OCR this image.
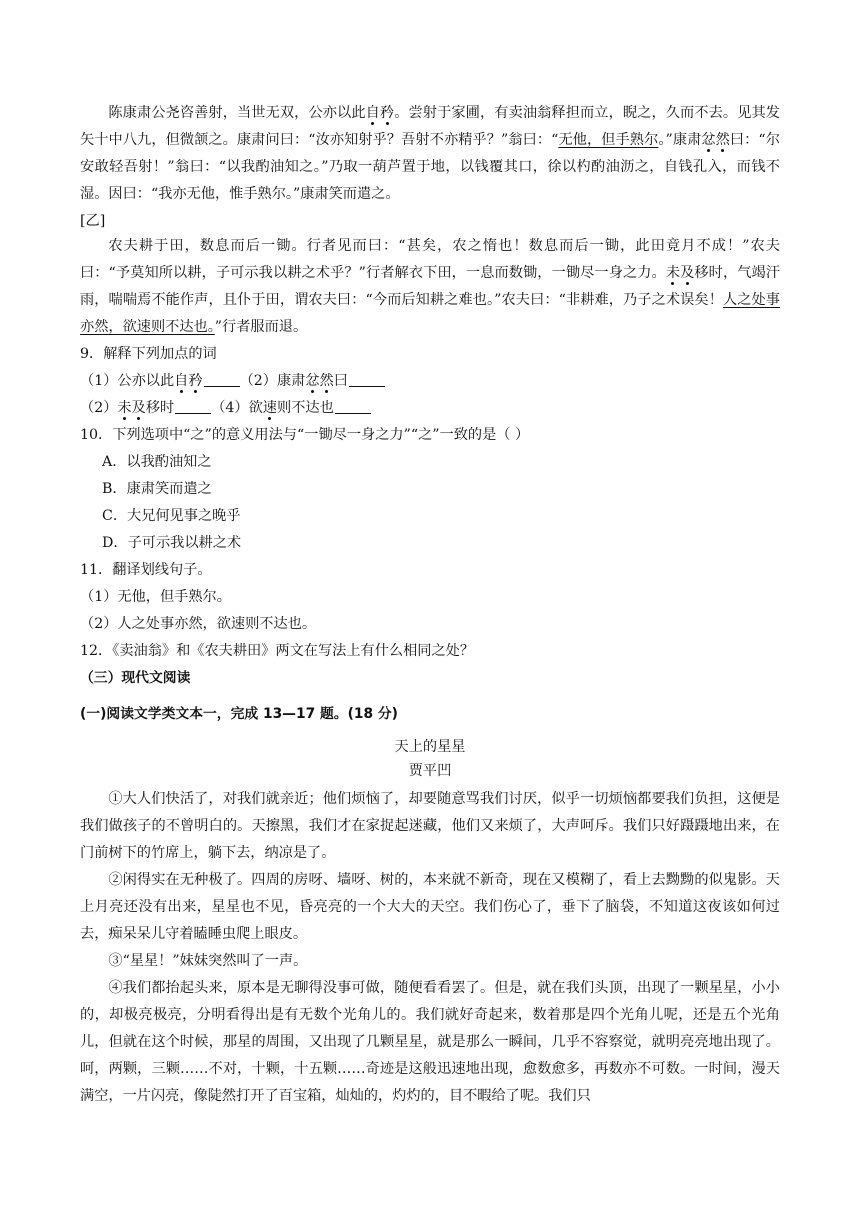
陈康肃公尧咨善射，当世无双，公亦以此自矜。尝射于家圃，有卖油翁释担而立，睨之，久而不去。见其发矢十中八九，但微颔之。康肃问曰：“汝亦知射乎？吾射不亦精乎？”翁曰：“无他，但手熟尔。”康肃忿然曰：“尔安敢轻吾射！”翁曰：“以我酌油知之。”乃取一葫芦置于地，以钱覆其口，徐以杓酌油沥之，自钱孔入，而钱不湿。因曰：“我亦无他，惟手熟尔。”康肃笑而遣之。

[乙]

农夫耕于田，数息而后一锄。行者见而曰：“甚矣，农之惰也！数息而后一锄，此田竟月不成！”农夫曰：“予莫知所以耕，子可示我以耕之术乎？”行者解衣下田，一息而数锄，一锄尽一身之力。未及移时，气竭汗雨，喘喘焉不能作声，且仆于田，谓农夫曰：“今而后知耕之难也。”农夫曰：“非耕难，乃子之术误矣！人之处事亦然，欲速则不达也。”行者服而退。

9．解释下列加点的词

（1）公亦以此自矜	（2）康肃忿然曰

（2）未及移时	（4）欲速则不达也

10．下列选项中“之”的意义用法与“一锄尽一身之力”“之”一致的是（ ）

A．以我酌油知之

B．康肃笑而遣之

C．大兄何见事之晚乎

D．子可示我以耕之术

11．翻译划线句子。

（1）无他，但手熟尔。

（2）人之处事亦然，欲速则不达也。

12．《卖油翁》和《农夫耕田》两文在写法上有什么相同之处？

（三）现代文阅读

(一)阅读文学类文本一，完成 13—17 题。(18 分)

天上的星星
贾平凹

①大人们快活了，对我们就亲近；他们烦恼了，却要随意骂我们讨厌，似乎一切烦恼都要我们负担，这便是我们做孩子的不曾明白的。天擦黑，我们才在家捉起迷藏，他们又来烦了，大声呵斥。我们只好蹑蹑地出来，在门前树下的竹席上，躺下去，纳凉是了。

②闲得实在无种极了。四周的房呀、墙呀、树的，本来就不新奇，现在又模糊了，看上去黝黝的似鬼影。天上月亮还没有出来，星星也不见，昏亮亮的一个大大的天空。我们伤心了，垂下了脑袋，不知道这夜该如何过去，痴呆呆儿守着瞌睡虫爬上眼皮。

③“星星！”妹妹突然叫了一声。

④我们都抬起头来，原本是无聊得没事可做，随便看看罢了。但是，就在我们头顶，出现了一颗星星，小小的，却极亮极亮，分明看得出是有无数个光角儿的。我们就好奇起来，数着那是四个光角儿呢，还是五个光角儿，但就在这个时候，那星的周围，又出现了几颗星星，就是那么一瞬间，几乎不容察觉，就明亮亮地出现了。呵，两颗，三颗……不对，十颗，十五颗……奇迹是这般迅速地出现，愈数愈多，再数亦不可数。一时间，漫天满空，一片闪亮，像陡然打开了百宝箱，灿灿的，灼灼的，目不暇给了呢。我们只
